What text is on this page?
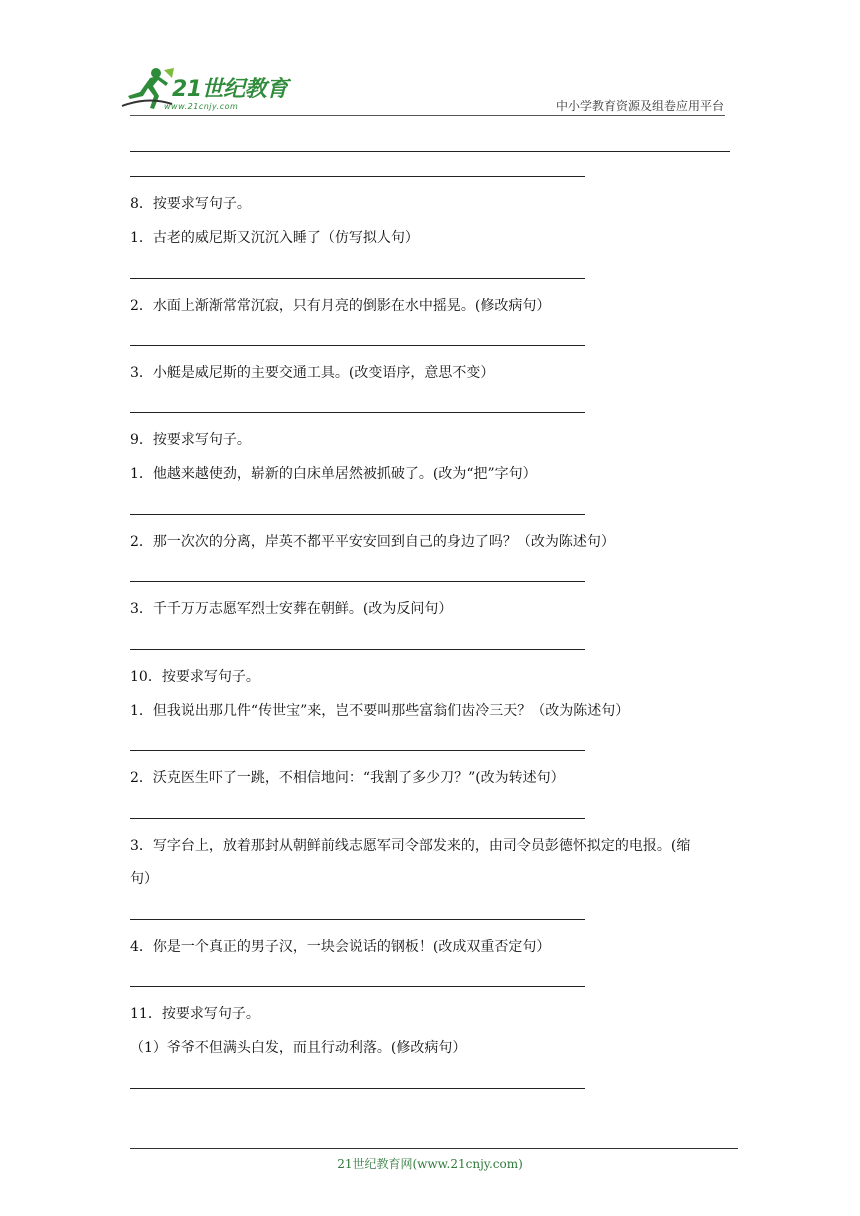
21世纪教育
www.21cnjy.com	中小学教育资源及组卷应用平台
8．按要求写句子。
1．古老的威尼斯又沉沉入睡了（仿写拟人句）
2．水面上渐渐常常沉寂，只有月亮的倒影在水中摇晃。(修改病句）
3．小艇是威尼斯的主要交通工具。(改变语序，意思不变）
9．按要求写句子。
1．他越来越使劲，崭新的白床单居然被抓破了。(改为“把”字句）
2．那一次次的分离，岸英不都平平安安回到自己的身边了吗？（改为陈述句）
3．千千万万志愿军烈士安葬在朝鲜。(改为反问句）
10．按要求写句子。
1．但我说出那几件“传世宝”来，岂不要叫那些富翁们齿冷三天？（改为陈述句）
2．沃克医生吓了一跳，不相信地问：“我割了多少刀？”(改为转述句）
3．写字台上，放着那封从朝鲜前线志愿军司令部发来的，由司令员彭德怀拟定的电报。(缩
句）
4．你是一个真正的男子汉，一块会说话的钢板！(改成双重否定句）
11．按要求写句子。
（1）爷爷不但满头白发，而且行动利落。(修改病句）
21世纪教育网(www.21cnjy.com)
